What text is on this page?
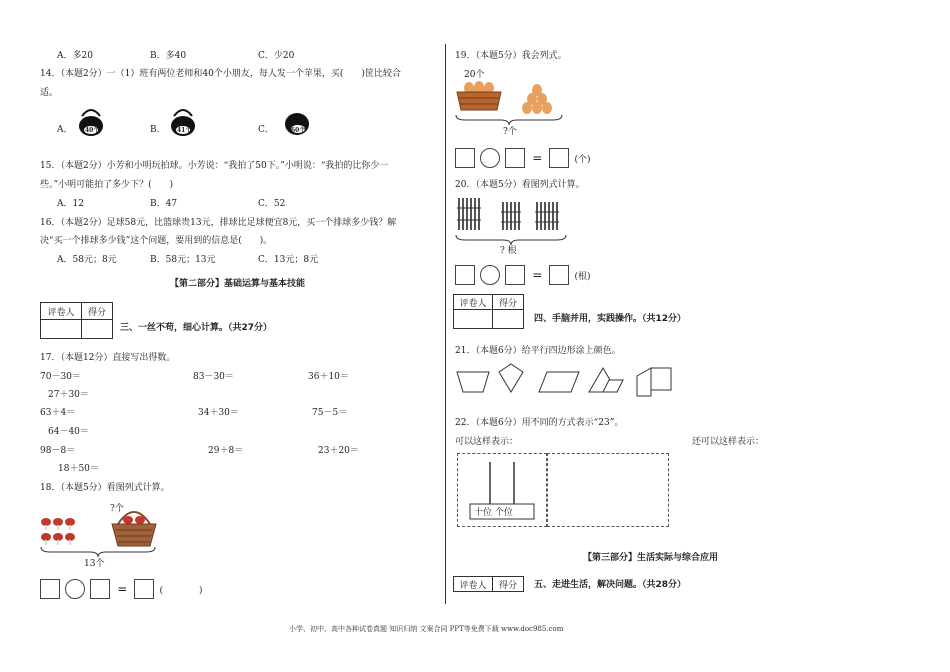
A．多20	B．多40	C．少20
14．（本题2分）一（1）班有两位老师和40个小朋友，每人发一个苹果，买(　　)筐比较合
适。
A． 40个	B． 41个	C．	60个
15．（本题2分）小芳和小明玩拍球。小芳说：“我拍了50下。”小明说：“我拍的比你少一
些。”小明可能拍了多少下？(　　)
A．12	B．47	C．52
16．（本题2分）足球58元，比篮球贵13元，排球比足球便宜8元，买一个排球多少钱？解
决“买一个排球多少钱”这个问题，要用到的信息是(　　)。
A．58元；8元	B．58元；13元	C．13元；8元
【第二部分】基础运算与基本技能
评卷人	得分

三、一丝不苟，细心计算。（共27分）
17．（本题12分）直接写出得数。
70－30＝	83－30＝	36＋10＝
27＋30＝
63＋4＝	34＋30＝	75－5＝
64－40＝
98－8＝	29＋8＝	23＋20＝
18＋50＝
18．（本题5分）看图列式计算。
?个
13个
=	(　　　　)
19．（本题5分）我会列式。
20个
?个
=	(个)
20．（本题5分）看图列式计算。
? 根
=	(根)
评卷人	得分

四、手脑并用，实践操作。（共12分）
21．（本题6分）给平行四边形涂上颜色。
22．（本题6分）用不同的方式表示“23”。
可以这样表示：	还可以这样表示：
十位 个位
【第三部分】生活实际与综合应用
评卷人	得分 五、走进生活，解决问题。（共28分）
小学、初中、高中各种试卷真题 知识归纳 文案合同 PPT等免费下载 www.doc985.com
